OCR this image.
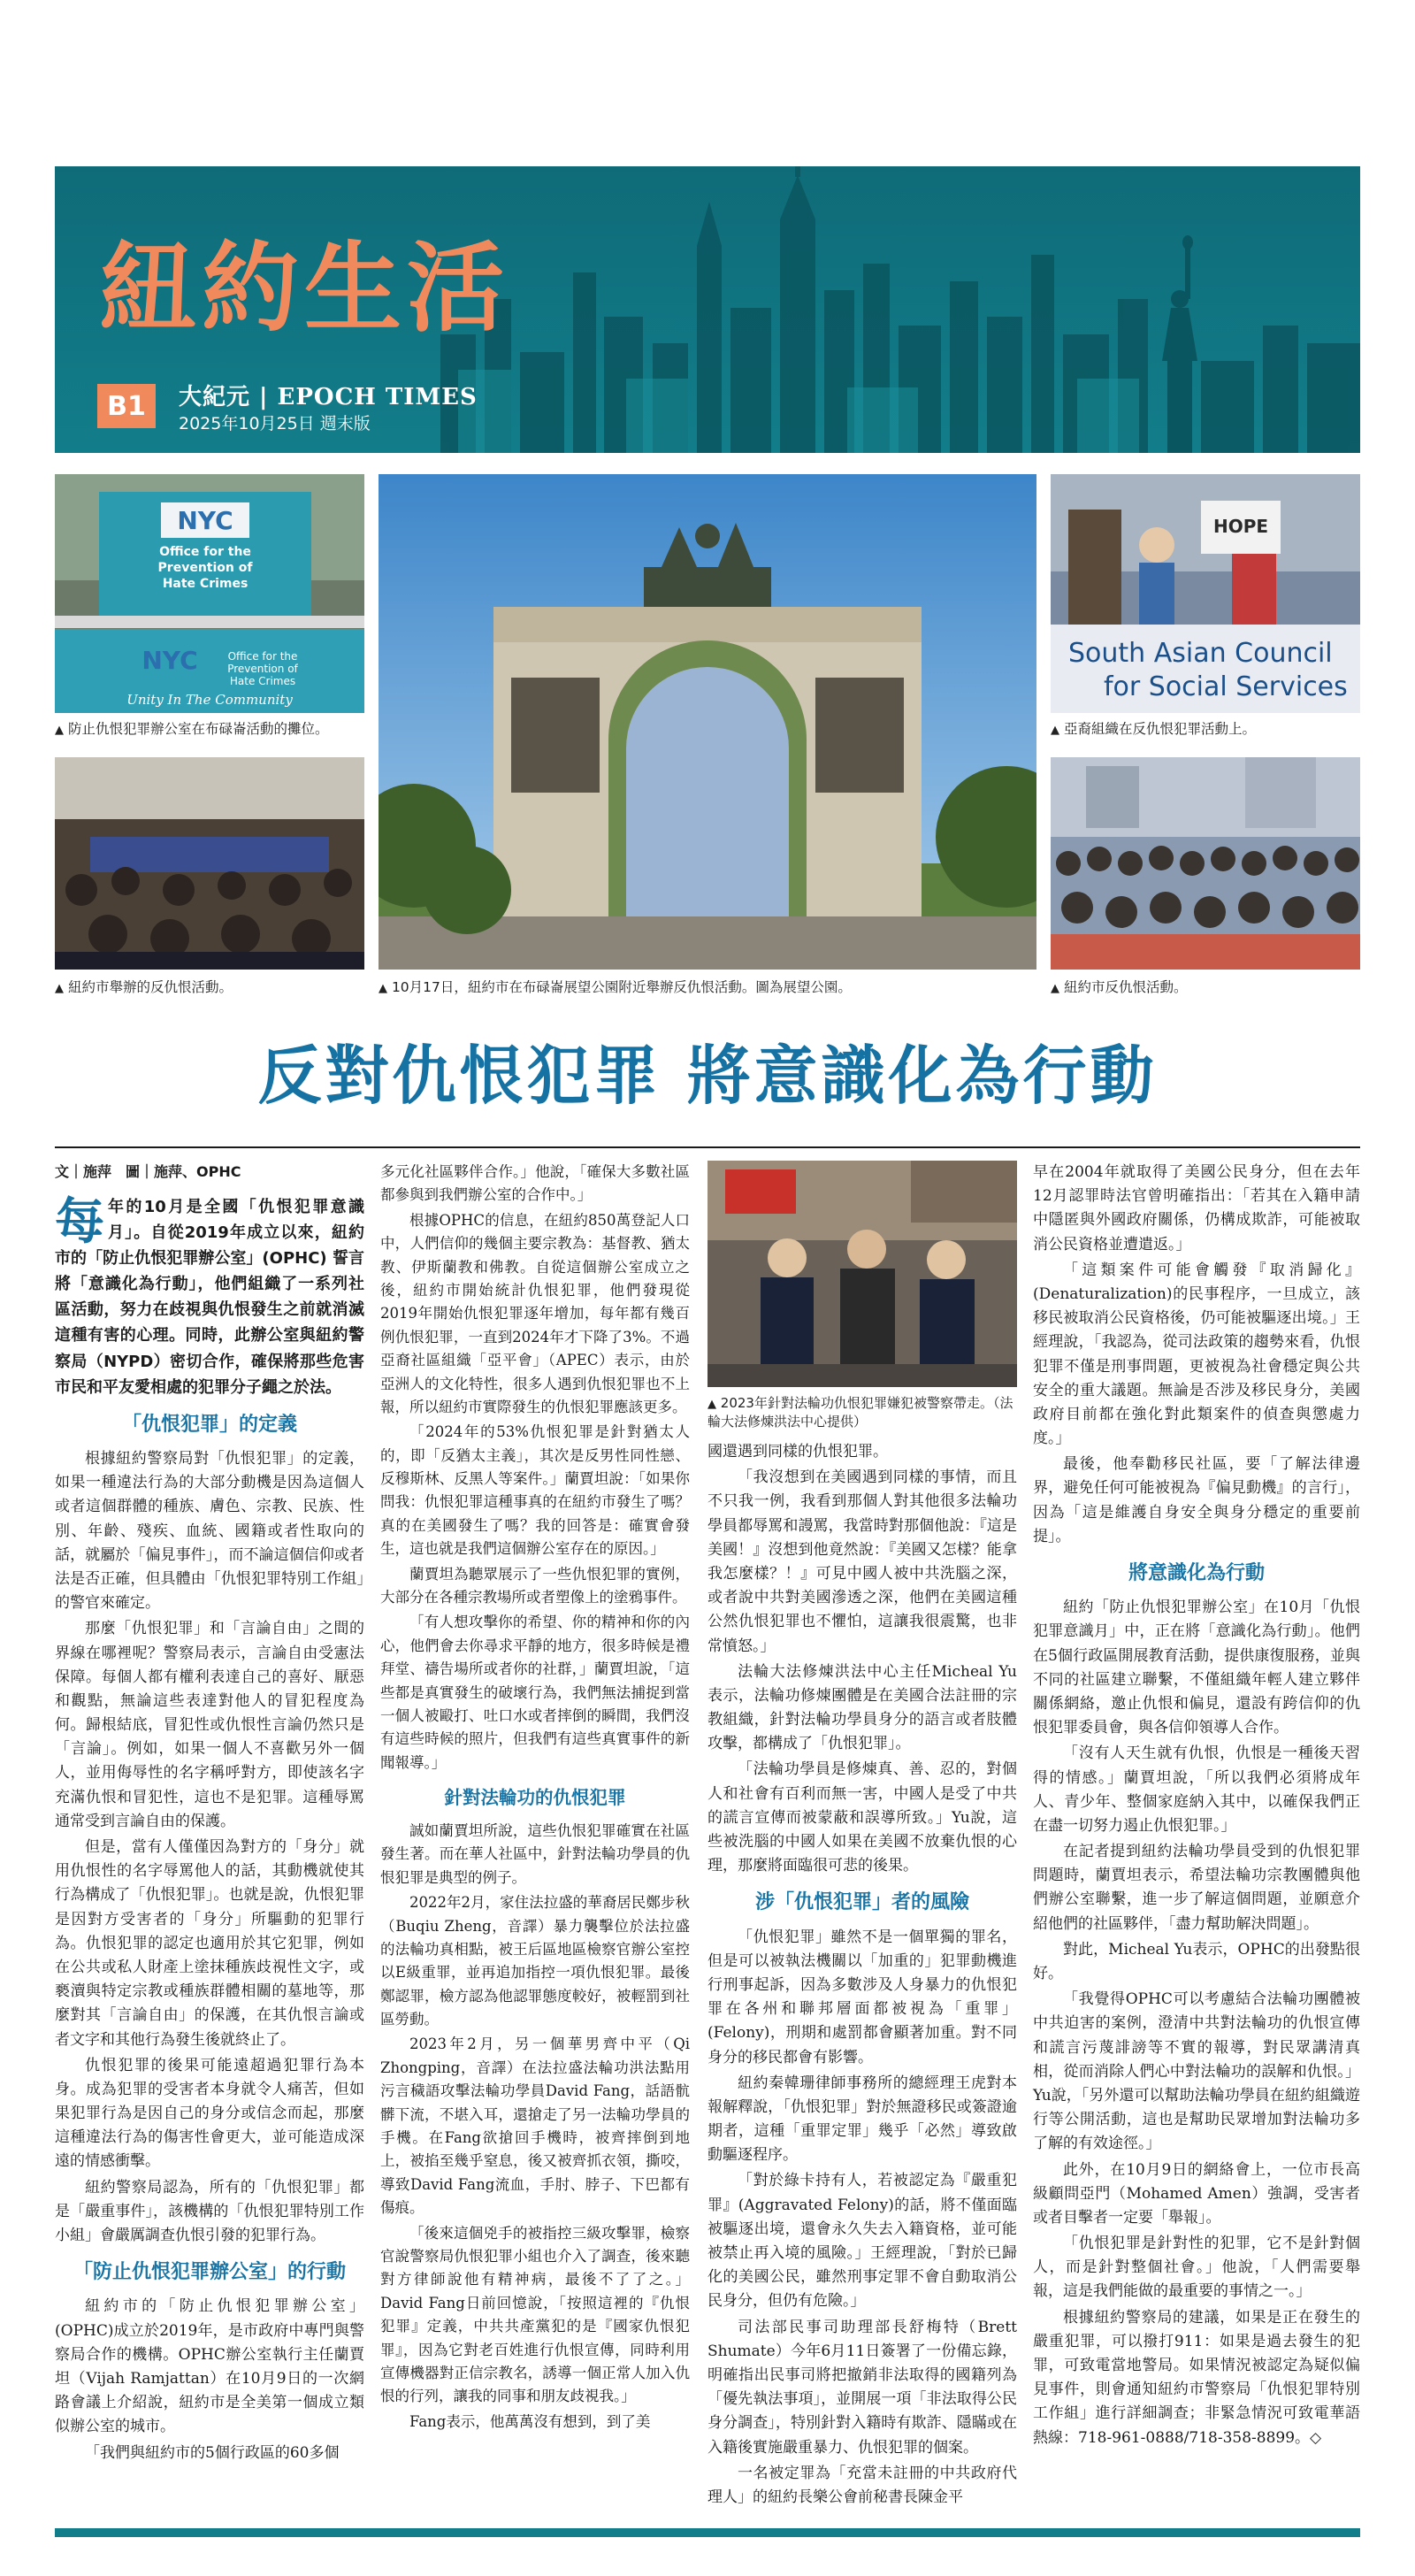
紐約生活
B1	大紀元 | EPOCH TIMES
2025年10月25日 週末版
NYC
Office for the
Prevention of
Hate Crimes
NYC	Office for the
Prevention of
Hate Crimes
Unity In The Community
▲ 防止仇恨犯罪辦公室在布碌崙活動的攤位。
▲ 紐約市舉辦的反仇恨活動。	▲ 10月17日，紐約市在布碌崙展望公園附近舉辦反仇恨活動。圖為展望公園。
HOPE
South Asian Council
for Social Services
▲ 亞裔組織在反仇恨犯罪活動上。
▲ 紐約市反仇恨活動。
反對仇恨犯罪 將意識化為行動
文｜施萍　圖｜施萍、OPHC
每年的10月是全國「仇恨犯罪意識月」。自從2019年成立以來，紐約市的「防止仇恨犯罪辦公室」(OPHC) 誓言將「意識化為行動」，他們組織了一系列社區活動，努力在歧視與仇恨發生之前就消滅這種有害的心理。同時，此辦公室與紐約警察局（NYPD）密切合作，確保將那些危害市民和平友愛相處的犯罪分子繩之於法。
「仇恨犯罪」的定義

根據紐約警察局對「仇恨犯罪」的定義，如果一種違法行為的大部分動機是因為這個人或者這個群體的種族、膚色、宗教、民族、性別、年齡、殘疾、血統、國籍或者性取向的話，就屬於「偏見事件」，而不論這個信仰或者法是否正確，但具體由「仇恨犯罪特別工作組」的警官來確定。

那麼「仇恨犯罪」和「言論自由」之間的界線在哪裡呢？警察局表示，言論自由受憲法保障。每個人都有權利表達自己的喜好、厭惡和觀點，無論這些表達對他人的冒犯程度為何。歸根結底，冒犯性或仇恨性言論仍然只是「言論」。例如，如果一個人不喜歡另外一個人，並用侮辱性的名字稱呼對方，即使該名字充滿仇恨和冒犯性，這也不是犯罪。這種辱罵通常受到言論自由的保護。

但是，當有人僅僅因為對方的「身分」就用仇恨性的名字辱罵他人的話，其動機就使其行為構成了「仇恨犯罪」。也就是說，仇恨犯罪是因對方受害者的「身分」所驅動的犯罪行為。仇恨犯罪的認定也適用於其它犯罪，例如在公共或私人財產上塗抹種族歧視性文字，或褻瀆與特定宗教或種族群體相關的墓地等，那麼對其「言論自由」的保護，在其仇恨言論或者文字和其他行為發生後就終止了。

仇恨犯罪的後果可能遠超過犯罪行為本身。成為犯罪的受害者本身就令人痛苦，但如果犯罪行為是因自己的身分或信念而起，那麼這種違法行為的傷害性會更大，並可能造成深遠的情感衝擊。

紐約警察局認為，所有的「仇恨犯罪」都是「嚴重事件」，該機構的「仇恨犯罪特別工作小組」會嚴厲調查仇恨引發的犯罪行為。

「防止仇恨犯罪辦公室」的行動

紐約市的「防止仇恨犯罪辦公室」(OPHC)成立於2019年，是市政府中專門與警察局合作的機構。OPHC辦公室執行主任蘭賈坦（Vijah Ramjattan）在10月9日的一次網路會議上介紹說，紐約市是全美第一個成立類似辦公室的城市。

「我們與紐約市的5個行政區的60多個

多元化社區夥伴合作。」他說，「確保大多數社區都參與到我們辦公室的合作中。」

根據OPHC的信息，在紐約850萬登記人口中，人們信仰的幾個主要宗教為：基督教、猶太教、伊斯蘭教和佛教。自從這個辦公室成立之後，紐約市開始統計仇恨犯罪，他們發現從2019年開始仇恨犯罪逐年增加，每年都有幾百例仇恨犯罪，一直到2024年才下降了3%。不過亞裔社區組織「亞平會」（APEC）表示，由於亞洲人的文化特性，很多人遇到仇恨犯罪也不上報，所以紐約市實際發生的仇恨犯罪應該更多。

「2024年的53%仇恨犯罪是針對猶太人的，即「反猶太主義」，其次是反男性同性戀、反穆斯林、反黑人等案件。」蘭賈坦說：「如果你問我：仇恨犯罪這種事真的在紐約市發生了嗎？真的在美國發生了嗎？我的回答是：確實會發生，這也就是我們這個辦公室存在的原因。」

蘭賈坦為聽眾展示了一些仇恨犯罪的實例，大部分在各種宗教場所或者塑像上的塗鴉事件。

「有人想攻擊你的希望、你的精神和你的內心，他們會去你尋求平靜的地方，很多時候是禮拜堂、禱告場所或者你的社群，」蘭賈坦說，「這些都是真實發生的破壞行為，我們無法捕捉到當一個人被毆打、吐口水或者摔倒的瞬間，我們沒有這些時候的照片，但我們有這些真實事件的新聞報導。」

針對法輪功的仇恨犯罪

誠如蘭賈坦所說，這些仇恨犯罪確實在社區發生著。而在華人社區中，針對法輪功學員的仇恨犯罪是典型的例子。

2022年2月，家住法拉盛的華裔居民鄭步秋（Buqiu Zheng，音譯）暴力襲擊位於法拉盛的法輪功真相點，被王后區地區檢察官辦公室控以E級重罪，並再追加指控一項仇恨犯罪。最後鄭認罪，檢方認為他認罪態度較好，被輕罰到社區勞動。

2023年2月，另一個華男齊中平（Qi Zhongping，音譯）在法拉盛法輪功洪法點用污言穢語攻擊法輪功學員David Fang，話語骯髒下流，不堪入耳，還搶走了另一法輪功學員的手機。在Fang欲搶回手機時，被齊摔倒到地上，被掐至幾乎窒息，後又被齊抓衣領，撕咬，導致David Fang流血，手肘、脖子、下巴都有傷痕。

「後來這個兇手的被指控三級攻擊罪，檢察官說警察局仇恨犯罪小組也介入了調查，後來聽對方律師說他有精神病，最後不了了之。」David Fang日前回憶說，「按照這裡的『仇恨犯罪』定義，中共共產黨犯的是『國家仇恨犯罪』，因為它對老百姓進行仇恨宣傳，同時利用宣傳機器對正信宗教名，誘導一個正常人加入仇恨的行列，讓我的同事和朋友歧視我。」

Fang表示，他萬萬沒有想到，到了美

▲ 2023年針對法輪功仇恨犯罪嫌犯被警察帶走。（法輪大法修煉洪法中心提供）

國還遇到同樣的仇恨犯罪。

「我沒想到在美國遇到同樣的事情，而且不只我一例，我看到那個人對其他很多法輪功學員都辱罵和謾罵，我當時對那個他說：『這是美國！』沒想到他竟然說：『美國又怎樣？能拿我怎麼樣？！』可見中國人被中共洗腦之深，或者說中共對美國滲透之深，他們在美國這種公然仇恨犯罪也不懼怕，這讓我很震驚，也非常憤怒。」

法輪大法修煉洪法中心主任Micheal Yu表示，法輪功修煉團體是在美國合法註冊的宗教組織，針對法輪功學員身分的語言或者肢體攻擊，都構成了「仇恨犯罪」。

「法輪功學員是修煉真、善、忍的，對個人和社會有百利而無一害，中國人是受了中共的謊言宣傳而被蒙蔽和誤導所致。」Yu說，這些被洗腦的中國人如果在美國不放棄仇恨的心理，那麼將面臨很可悲的後果。

涉「仇恨犯罪」者的風險

「仇恨犯罪」雖然不是一個單獨的罪名，但是可以被執法機關以「加重的」犯罪動機進行刑事起訴，因為多數涉及人身暴力的仇恨犯罪在各州和聯邦層面都被視為「重罪」(Felony)，刑期和處罰都會顯著加重。對不同身分的移民都會有影響。

紐約秦韓珊律師事務所的總經理王虎對本報解釋說，「仇恨犯罪」對於無證移民或簽證逾期者，這種「重罪定罪」幾乎「必然」導致啟動驅逐程序。

「對於綠卡持有人，若被認定為『嚴重犯罪』(Aggravated Felony)的話，將不僅面臨被驅逐出境，還會永久失去入籍資格，並可能被禁止再入境的風險。」王經理說，「對於已歸化的美國公民，雖然刑事定罪不會自動取消公民身分，但仍有危險。」

司法部民事司助理部長舒梅特（Brett Shumate）今年6月11日簽署了一份備忘錄，明確指出民事司將把撤銷非法取得的國籍列為「優先執法事項」，並開展一項「非法取得公民身分調查」，特別針對入籍時有欺詐、隱瞞或在入籍後實施嚴重暴力、仇恨犯罪的個案。

一名被定罪為「充當未註冊的中共政府代理人」的紐約長樂公會前秘書長陳金平

早在2004年就取得了美國公民身分，但在去年12月認罪時法官曾明確指出：「若其在入籍申請中隱匿與外國政府關係，仍構成欺詐，可能被取消公民資格並遭遣返。」

「這類案件可能會觸發『取消歸化』(Denaturalization)的民事程序，一旦成立，該移民被取消公民資格後，仍可能被驅逐出境。」王經理說，「我認為，從司法政策的趨勢來看，仇恨犯罪不僅是刑事問題，更被視為社會穩定與公共安全的重大議題。無論是否涉及移民身分，美國政府目前都在強化對此類案件的偵查與懲處力度。」

最後，他奉勸移民社區，要「了解法律邊界，避免任何可能被視為『偏見動機』的言行」，因為「這是維護自身安全與身分穩定的重要前提」。

將意識化為行動

紐約「防止仇恨犯罪辦公室」在10月「仇恨犯罪意識月」中，正在將「意識化為行動」。他們在5個行政區開展教育活動，提供康復服務，並與不同的社區建立聯繫，不僅組織年輕人建立夥伴關係網絡，邀止仇恨和偏見，還設有跨信仰的仇恨犯罪委員會，與各信仰領導人合作。

「沒有人天生就有仇恨，仇恨是一種後天習得的情感。」蘭賈坦說，「所以我們必須將成年人、青少年、整個家庭納入其中，以確保我們正在盡一切努力遏止仇恨犯罪。」

在記者提到紐約法輪功學員受到的仇恨犯罪問題時，蘭賈坦表示，希望法輪功宗教團體與他們辦公室聯繫，進一步了解這個問題，並願意介紹他們的社區夥伴，「盡力幫助解決問題」。

對此，Micheal Yu表示，OPHC的出發點很好。

「我覺得OPHC可以考慮結合法輪功團體被中共迫害的案例，澄清中共對法輪功的仇恨宣傳和謊言污蔑誹謗等不實的報導，對民眾講清真相，從而消除人們心中對法輪功的誤解和仇恨。」Yu說，「另外還可以幫助法輪功學員在紐約組織遊行等公開活動，這也是幫助民眾增加對法輪功多了解的有效途徑。」

此外，在10月9日的網絡會上，一位市長高級顧問亞門（Mohamed Amen）強調，受害者或者目擊者一定要「舉報」。

「仇恨犯罪是針對性的犯罪，它不是針對個人，而是針對整個社會。」他說，「人們需要舉報，這是我們能做的最重要的事情之一。」

根據紐約警察局的建議，如果是正在發生的嚴重犯罪，可以撥打911：如果是過去發生的犯罪，可致電當地警局。如果情況被認定為疑似偏見事件，則會通知紐約市警察局「仇恨犯罪特別工作組」進行詳細調查；非緊急情況可致電華語熱線：718-961-0888/718-358-8899。◇
